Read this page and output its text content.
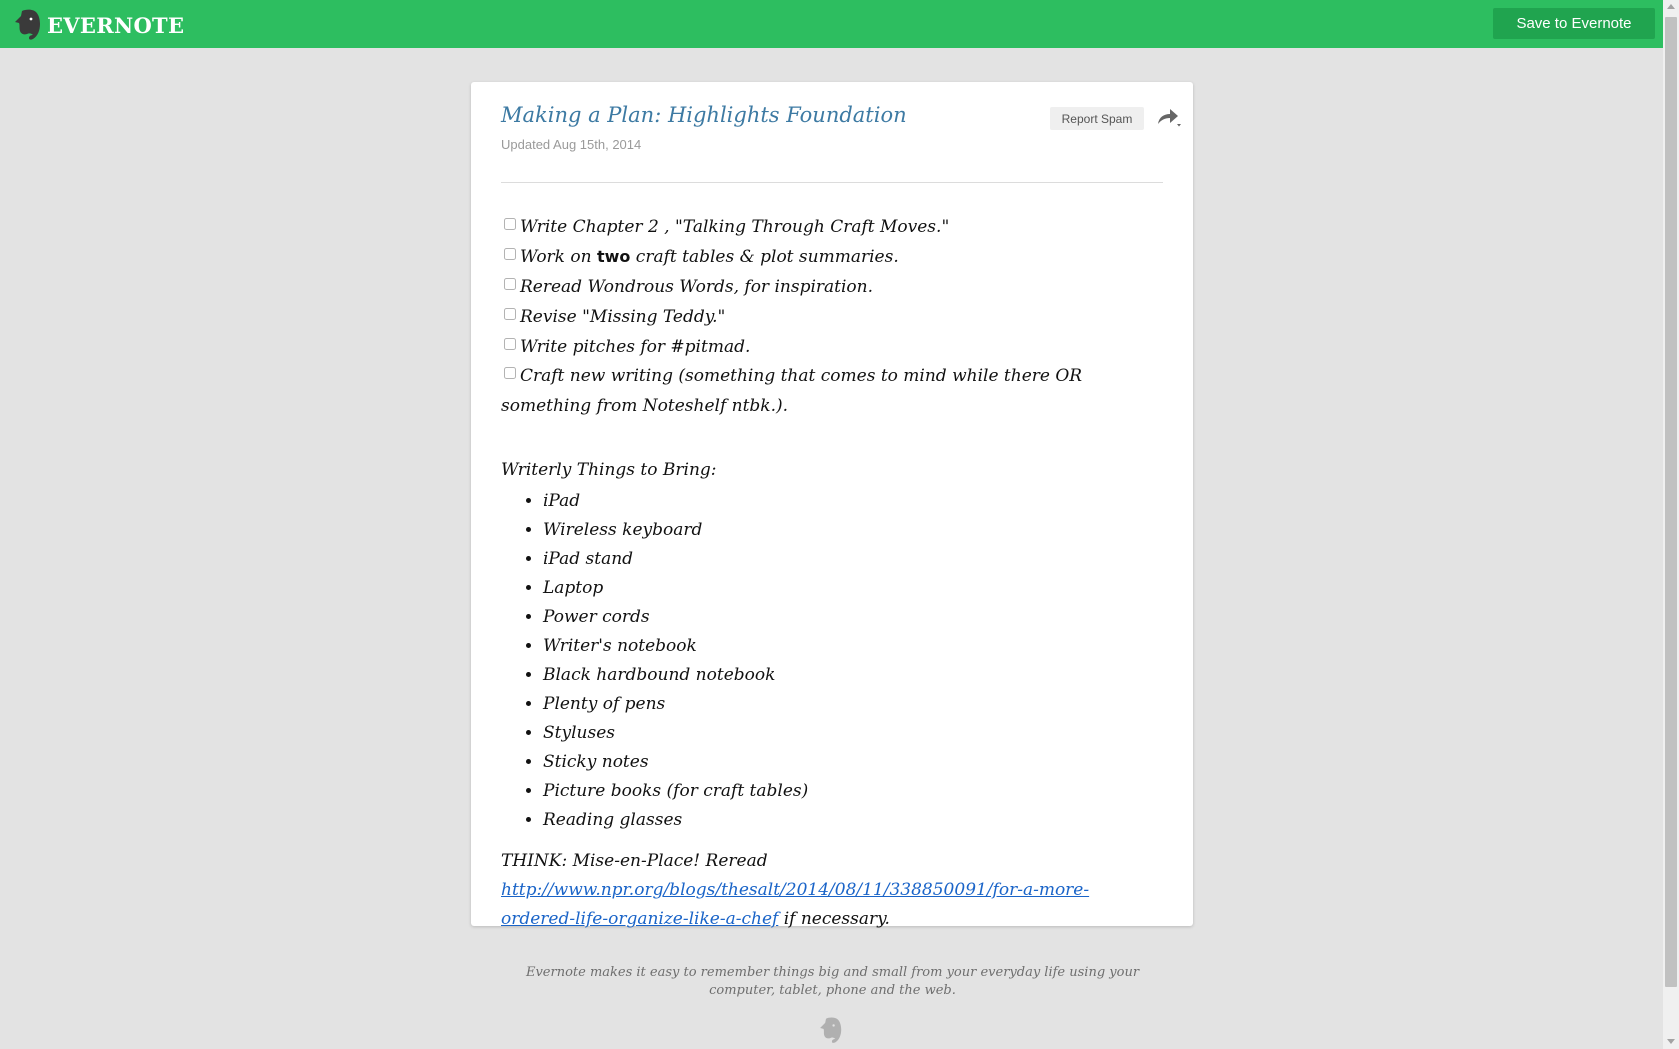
EVERNOTE	Save to Evernote
Making a Plan: Highlights Foundation
Updated Aug 15th, 2014
Report Spam
Write Chapter 2 , "Talking Through Craft Moves."
Work on two craft tables & plot summaries.
Reread Wondrous Words, for inspiration.
Revise "Missing Teddy."
Write pitches for #pitmad.
Craft new writing (something that comes to mind while there OR something from Noteshelf ntbk.).
Writerly Things to Bring:
• iPad
• Wireless keyboard
• iPad stand
• Laptop
• Power cords
• Writer's notebook
• Black hardbound notebook
• Plenty of pens
• Styluses
• Sticky notes
• Picture books (for craft tables)
• Reading glasses
THINK: Mise-en-Place! Reread http://www.npr.org/blogs/thesalt/2014/08/11/338850091/for-a-more-ordered-life-organize-like-a-chef if necessary.
Evernote makes it easy to remember things big and small from your everyday life using your computer, tablet, phone and the web.
